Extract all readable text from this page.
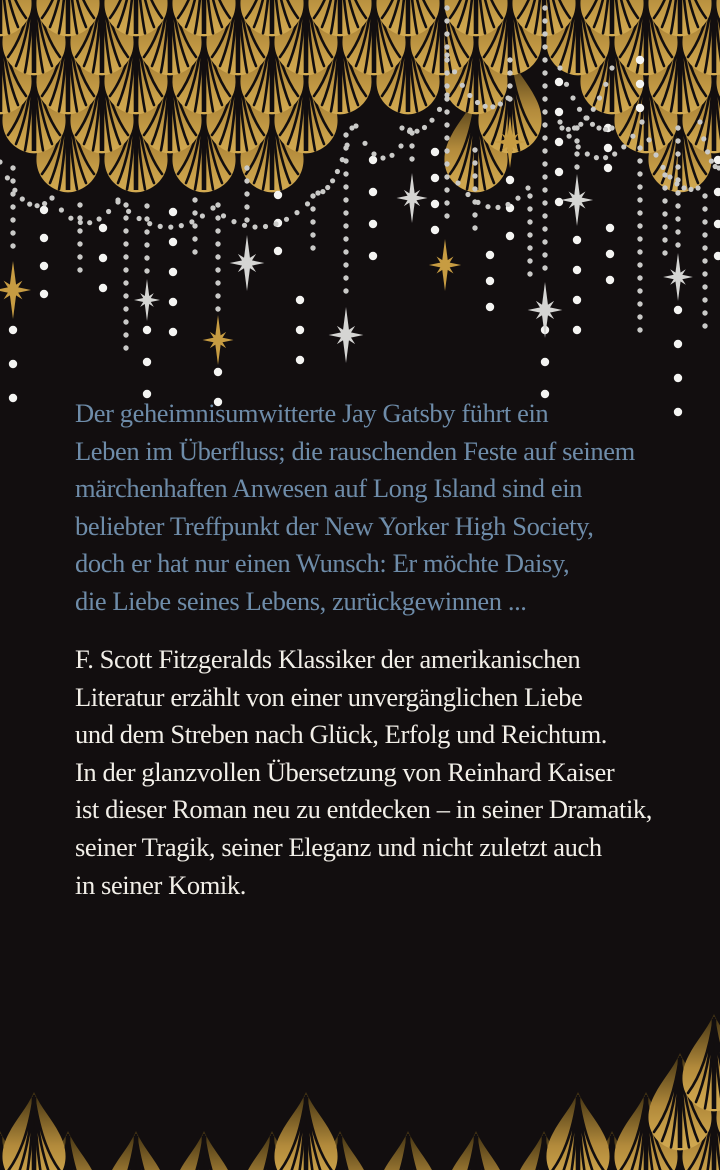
Der geheimnisumwitterte Jay Gatsby führt ein
Leben im Überfluss; die rauschenden Feste auf seinem
märchenhaften Anwesen auf Long Island sind ein
beliebter Treffpunkt der New Yorker High Society,
doch er hat nur einen Wunsch: Er möchte Daisy,
die Liebe seines Lebens, zurückgewinnen ...
F. Scott Fitzgeralds Klassiker der amerikanischen
Literatur erzählt von einer unvergänglichen Liebe
und dem Streben nach Glück, Erfolg und Reichtum.
In der glanzvollen Übersetzung von Reinhard Kaiser
ist dieser Roman neu zu entdecken – in seiner Dramatik,
seiner Tragik, seiner Eleganz und nicht zuletzt auch
in seiner Komik.
